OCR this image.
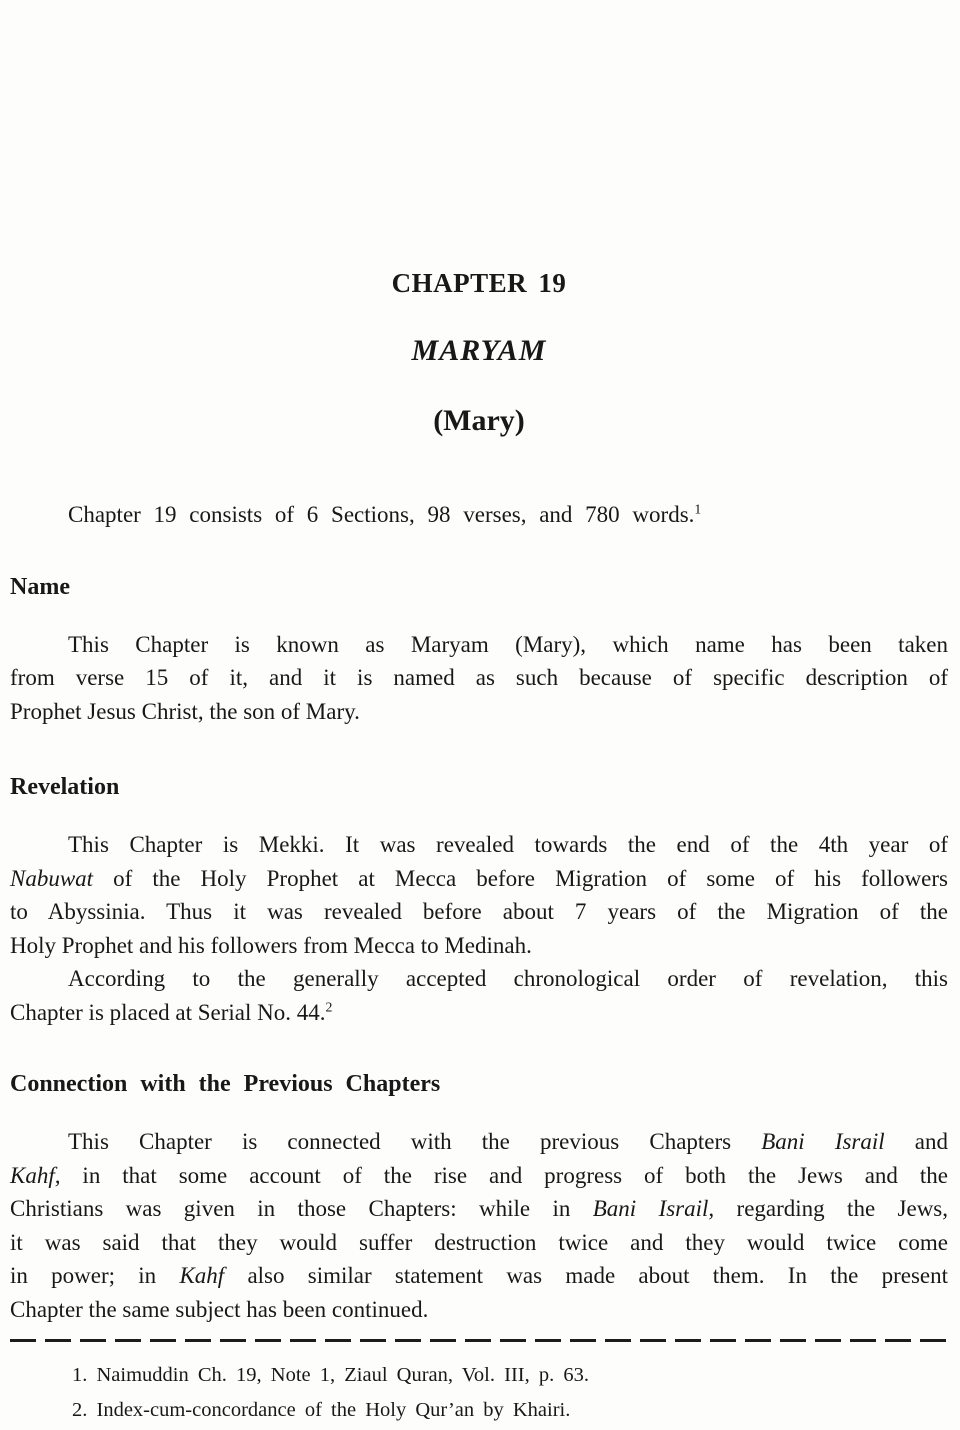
CHAPTER 19
MARYAM
(Mary)
Chapter 19 consists of 6 Sections, 98 verses, and 780 words.$^1$
Name
This Chapter is known as Maryam (Mary), which name has been taken
from verse 15 of it, and it is named as such because of specific description of
Prophet Jesus Christ, the son of Mary.
Revelation
This Chapter is Mekki. It was revealed towards the end of the 4th year of
Nabuwat of the Holy Prophet at Mecca before Migration of some of his followers
to Abyssinia. Thus it was revealed before about 7 years of the Migration of the
Holy Prophet and his followers from Mecca to Medinah.
According to the generally accepted chronological order of revelation, this
Chapter is placed at Serial No. 44.$^2$
Connection with the Previous Chapters
This Chapter is connected with the previous Chapters Bani Israil and
Kahf, in that some account of the rise and progress of both the Jews and the
Christians was given in those Chapters: while in Bani Israil, regarding the Jews,
it was said that they would suffer destruction twice and they would twice come
in power; in Kahf also similar statement was made about them. In the present
Chapter the same subject has been continued.
1. Naimuddin Ch. 19, Note 1, Ziaul Quran, Vol. III, p. 63.
2. Index-cum-concordance of the Holy Qur’an by Khairi.
